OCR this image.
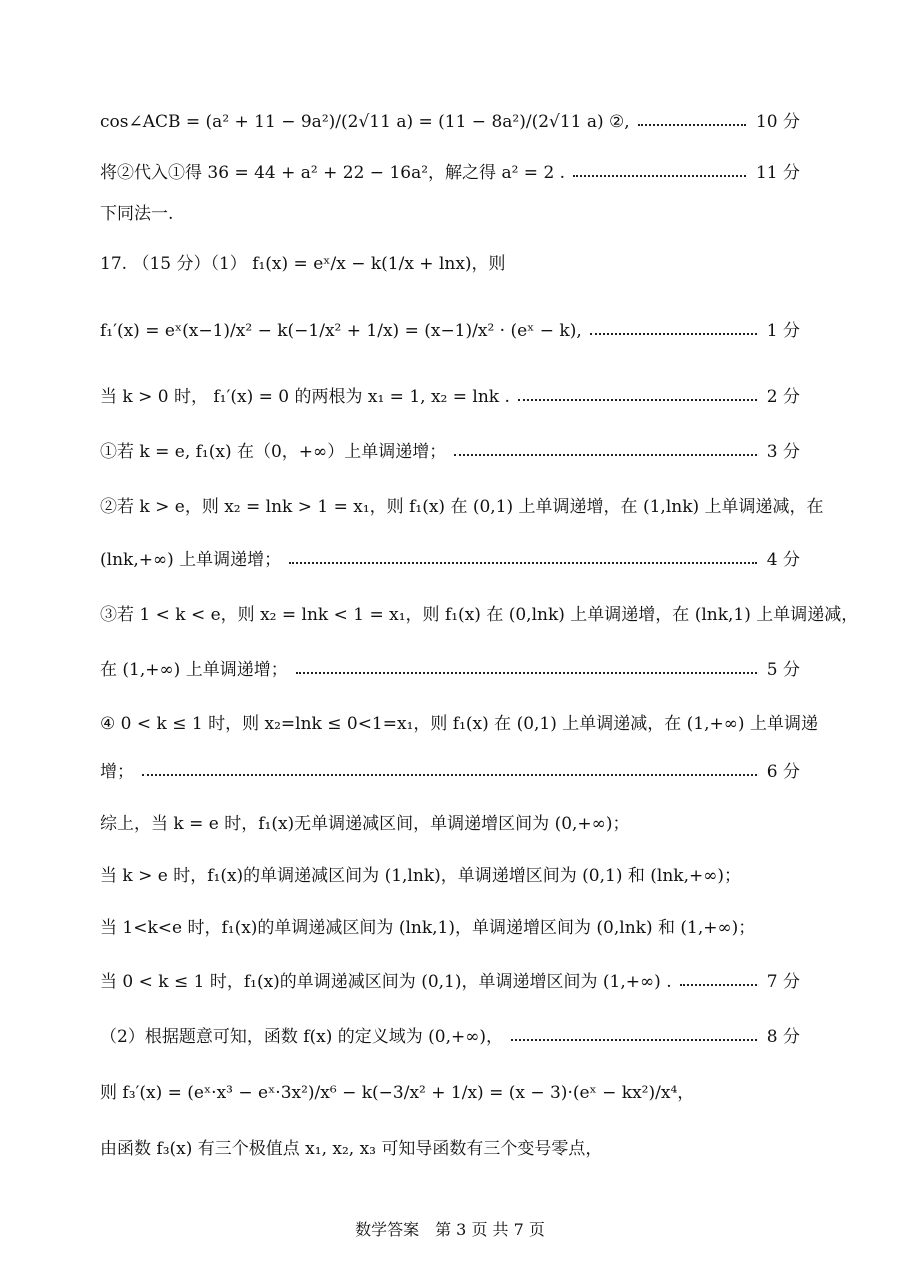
cos∠ACB = (a² + 11 − 9a²)/(2√11 a) = (11 − 8a²)/(2√11 a) ②,	10 分
将②代入①得 36 = 44 + a² + 22 − 16a²，解之得 a² = 2 .	11 分
下同法一.
17. （15 分）（1） f₁(x) = eˣ/x − k(1/x + lnx)，则
f₁′(x) = eˣ(x−1)/x² − k(−1/x² + 1/x) = (x−1)/x² · (eˣ − k),	1 分
当 k > 0 时， f₁′(x) = 0 的两根为 x₁ = 1, x₂ = lnk .	2 分
①若 k = e, f₁(x) 在（0，+∞）上单调递增；	3 分
②若 k > e，则 x₂ = lnk > 1 = x₁，则 f₁(x) 在 (0,1) 上单调递增，在 (1,lnk) 上单调递减，在
(lnk,+∞) 上单调递增；	4 分
③若 1 < k < e，则 x₂ = lnk < 1 = x₁，则 f₁(x) 在 (0,lnk) 上单调递增，在 (lnk,1) 上单调递减，
在 (1,+∞) 上单调递增；	5 分
④ 0 < k ≤ 1 时，则 x₂=lnk ≤ 0<1=x₁，则 f₁(x) 在 (0,1) 上单调递减，在 (1,+∞) 上单调递
增；	6 分
综上，当 k = e 时，f₁(x)无单调递减区间，单调递增区间为 (0,+∞)；
当 k > e 时，f₁(x)的单调递减区间为 (1,lnk)，单调递增区间为 (0,1) 和 (lnk,+∞)；
当 1<k<e 时，f₁(x)的单调递减区间为 (lnk,1)，单调递增区间为 (0,lnk) 和 (1,+∞)；
当 0 < k ≤ 1 时，f₁(x)的单调递减区间为 (0,1)，单调递增区间为 (1,+∞) .	7 分
（2）根据题意可知，函数 f(x) 的定义域为 (0,+∞)，	8 分
则 f₃′(x) = (eˣ·x³ − eˣ·3x²)/x⁶ − k(−3/x² + 1/x) = (x − 3)·(eˣ − kx²)/x⁴，
由函数 f₃(x) 有三个极值点 x₁, x₂, x₃ 可知导函数有三个变号零点，
数学答案　第 3 页 共 7 页
